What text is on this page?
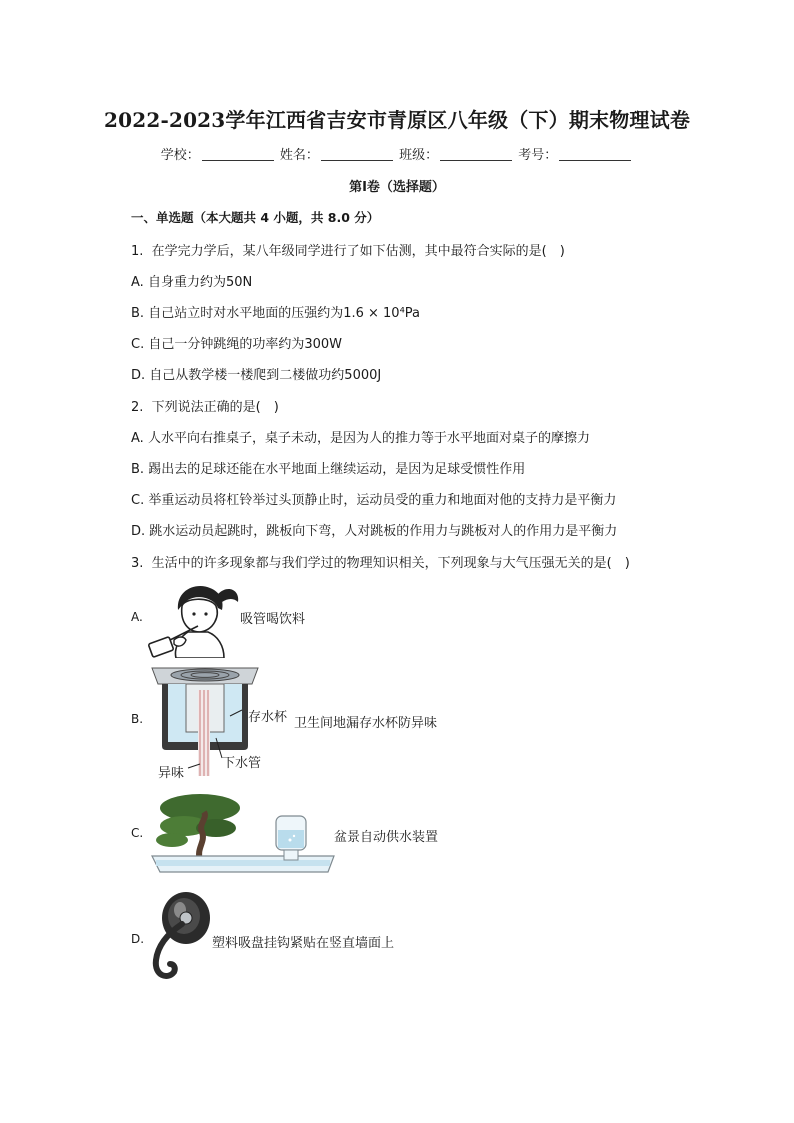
2022-2023学年江西省吉安市青原区八年级（下）期末物理试卷
学校：	姓名：	班级：	考号：
第Ⅰ卷（选择题）
一、单选题（本大题共 4 小题，共 8.0 分）
1. 在学完力学后，某八年级同学进行了如下估测，其中最符合实际的是(　)
A. 自身重力约为50N
B. 自己站立时对水平地面的压强约为1.6 × 10⁴Pa
C. 自己一分钟跳绳的功率约为300W
D. 自己从教学楼一楼爬到二楼做功约5000J
2. 下列说法正确的是(　)
A. 人水平向右推桌子，桌子未动，是因为人的推力等于水平地面对桌子的摩擦力
B. 踢出去的足球还能在水平地面上继续运动，是因为足球受惯性作用
C. 举重运动员将杠铃举过头顶静止时，运动员受的重力和地面对他的支持力是平衡力
D. 跳水运动员起跳时，跳板向下弯，人对跳板的作用力与跳板对人的作用力是平衡力
3. 生活中的许多现象都与我们学过的物理知识相关，下列现象与大气压强无关的是(　)
A.	吸管喝饮料
B.	存水杯 卫生间地漏存水杯防异味
异味
下水管
C.	盆景自动供水装置
D.	塑料吸盘挂钩紧贴在竖直墙面上
